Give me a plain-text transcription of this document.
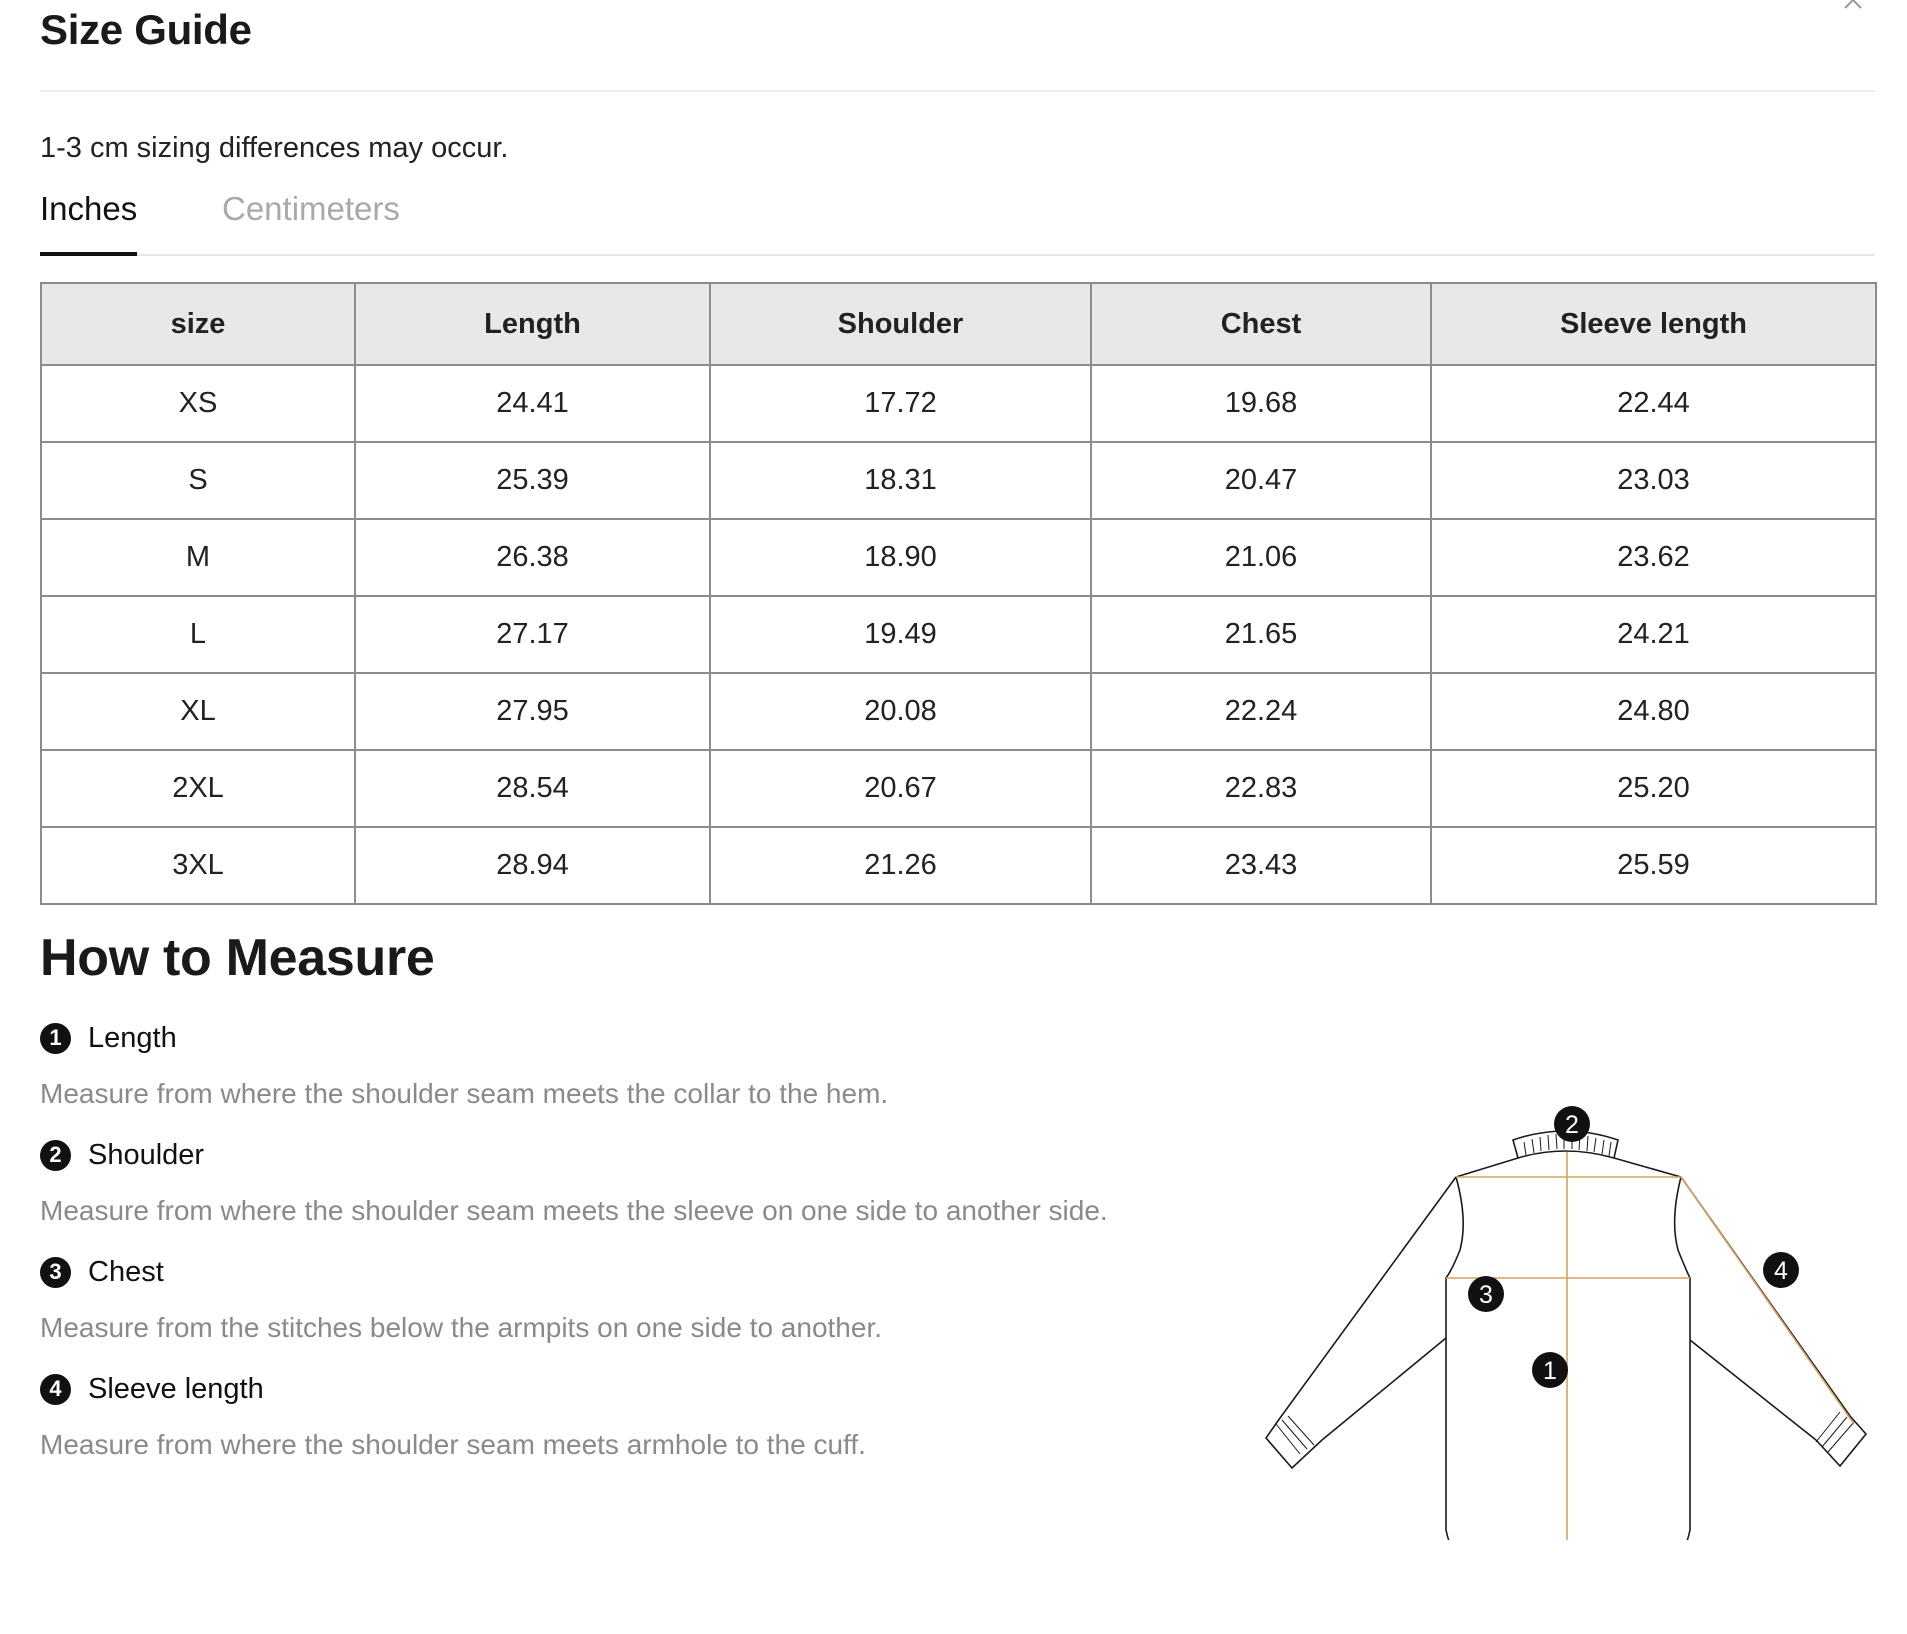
Size Guide
1-3 cm sizing differences may occur.
Inches	Centimeters
size	Length	Shoulder	Chest	Sleeve length
XS	24.41	17.72	19.68	22.44
S	25.39	18.31	20.47	23.03
M	26.38	18.90	21.06	23.62
L	27.17	19.49	21.65	24.21
XL	27.95	20.08	22.24	24.80
2XL	28.54	20.67	22.83	25.20
3XL	28.94	21.26	23.43	25.59
How to Measure
1 Length
Measure from where the shoulder seam meets the collar to the hem.
2 Shoulder
Measure from where the shoulder seam meets the sleeve on one side to another side.
3 Chest
Measure from the stitches below the armpits on one side to another.
4 Sleeve length
Measure from where the shoulder seam meets armhole to the cuff.
1
2
3
4
